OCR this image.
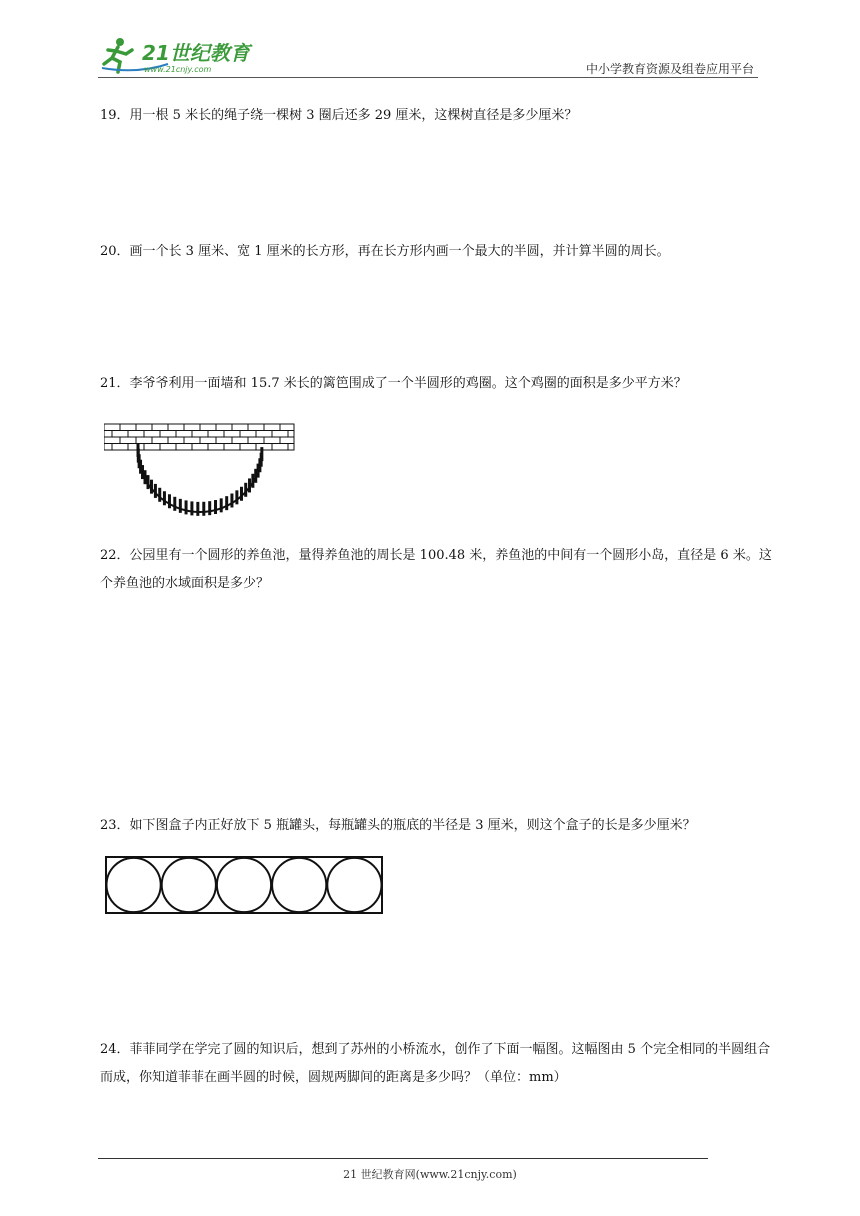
21世纪教育
www.21cnjy.com	中小学教育资源及组卷应用平台
19．用一根 5 米长的绳子绕一棵树 3 圈后还多 29 厘米，这棵树直径是多少厘米？
20．画一个长 3 厘米、宽 1 厘米的长方形，再在长方形内画一个最大的半圆，并计算半圆的周长。
21．李爷爷利用一面墙和 15.7 米长的篱笆围成了一个半圆形的鸡圈。这个鸡圈的面积是多少平方米？
22．公园里有一个圆形的养鱼池，量得养鱼池的周长是 100.48 米，养鱼池的中间有一个圆形小岛，直径是 6 米。这个养鱼池的水域面积是多少？
23．如下图盒子内正好放下 5 瓶罐头，每瓶罐头的瓶底的半径是 3 厘米，则这个盒子的长是多少厘米？
24．菲菲同学在学完了圆的知识后，想到了苏州的小桥流水，创作了下面一幅图。这幅图由 5 个完全相同的半圆组合而成，你知道菲菲在画半圆的时候，圆规两脚间的距离是多少吗？（单位：mm）
21 世纪教育网(www.21cnjy.com)
